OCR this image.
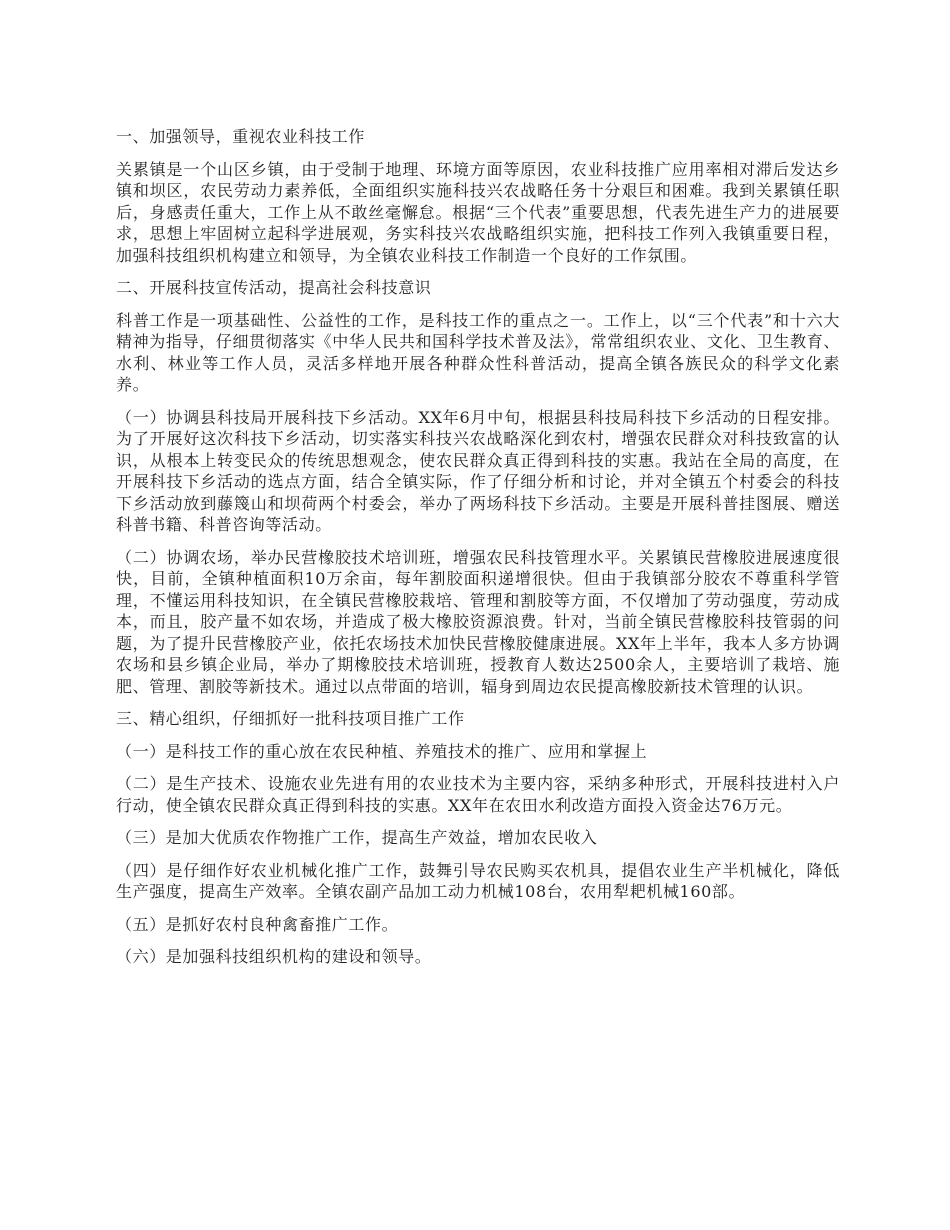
一、加强领导，重视农业科技工作

关累镇是一个山区乡镇，由于受制于地理、环境方面等原因，农业科技推广应用率相对滞后发达乡镇和坝区，农民劳动力素养低，全面组织实施科技兴农战略任务十分艰巨和困难。我到关累镇任职后，身感责任重大，工作上从不敢丝毫懈怠。根据“三个代表”重要思想，代表先进生产力的进展要求，思想上牢固树立起科学进展观，务实科技兴农战略组织实施，把科技工作列入我镇重要日程，加强科技组织机构建立和领导，为全镇农业科技工作制造一个良好的工作氛围。

二、开展科技宣传活动，提高社会科技意识

科普工作是一项基础性、公益性的工作，是科技工作的重点之一。工作上，以“三个代表”和十六大精神为指导，仔细贯彻落实《中华人民共和国科学技术普及法》，常常组织农业、文化、卫生教育、水利、林业等工作人员，灵活多样地开展各种群众性科普活动，提高全镇各族民众的科学文化素养。

（一）协调县科技局开展科技下乡活动。XX年6月中旬，根据县科技局科技下乡活动的日程安排。为了开展好这次科技下乡活动，切实落实科技兴农战略深化到农村，增强农民群众对科技致富的认识，从根本上转变民众的传统思想观念，使农民群众真正得到科技的实惠。我站在全局的高度，在开展科技下乡活动的选点方面，结合全镇实际，作了仔细分析和讨论，并对全镇五个村委会的科技下乡活动放到藤篾山和坝荷两个村委会，举办了两场科技下乡活动。主要是开展科普挂图展、赠送科普书籍、科普咨询等活动。

（二）协调农场，举办民营橡胶技术培训班，增强农民科技管理水平。关累镇民营橡胶进展速度很快，目前，全镇种植面积10万余亩，每年割胶面积递增很快。但由于我镇部分胶农不尊重科学管理，不懂运用科技知识，在全镇民营橡胶栽培、管理和割胶等方面，不仅增加了劳动强度，劳动成本，而且，胶产量不如农场，并造成了极大橡胶资源浪费。针对，当前全镇民营橡胶科技管弱的问题，为了提升民营橡胶产业，依托农场技术加快民营橡胶健康进展。XX年上半年，我本人多方协调农场和县乡镇企业局，举办了期橡胶技术培训班，授教育人数达2500余人，主要培训了栽培、施肥、管理、割胶等新技术。通过以点带面的培训，辐身到周边农民提高橡胶新技术管理的认识。

三、精心组织，仔细抓好一批科技项目推广工作

（一）是科技工作的重心放在农民种植、养殖技术的推广、应用和掌握上

（二）是生产技术、设施农业先进有用的农业技术为主要内容，采纳多种形式，开展科技进村入户行动，使全镇农民群众真正得到科技的实惠。XX年在农田水利改造方面投入资金达76万元。

（三）是加大优质农作物推广工作，提高生产效益，增加农民收入

（四）是仔细作好农业机械化推广工作，鼓舞引导农民购买农机具，提倡农业生产半机械化，降低生产强度，提高生产效率。全镇农副产品加工动力机械108台，农用犁耙机械160部。

（五）是抓好农村良种禽畜推广工作。

（六）是加强科技组织机构的建设和领导。
